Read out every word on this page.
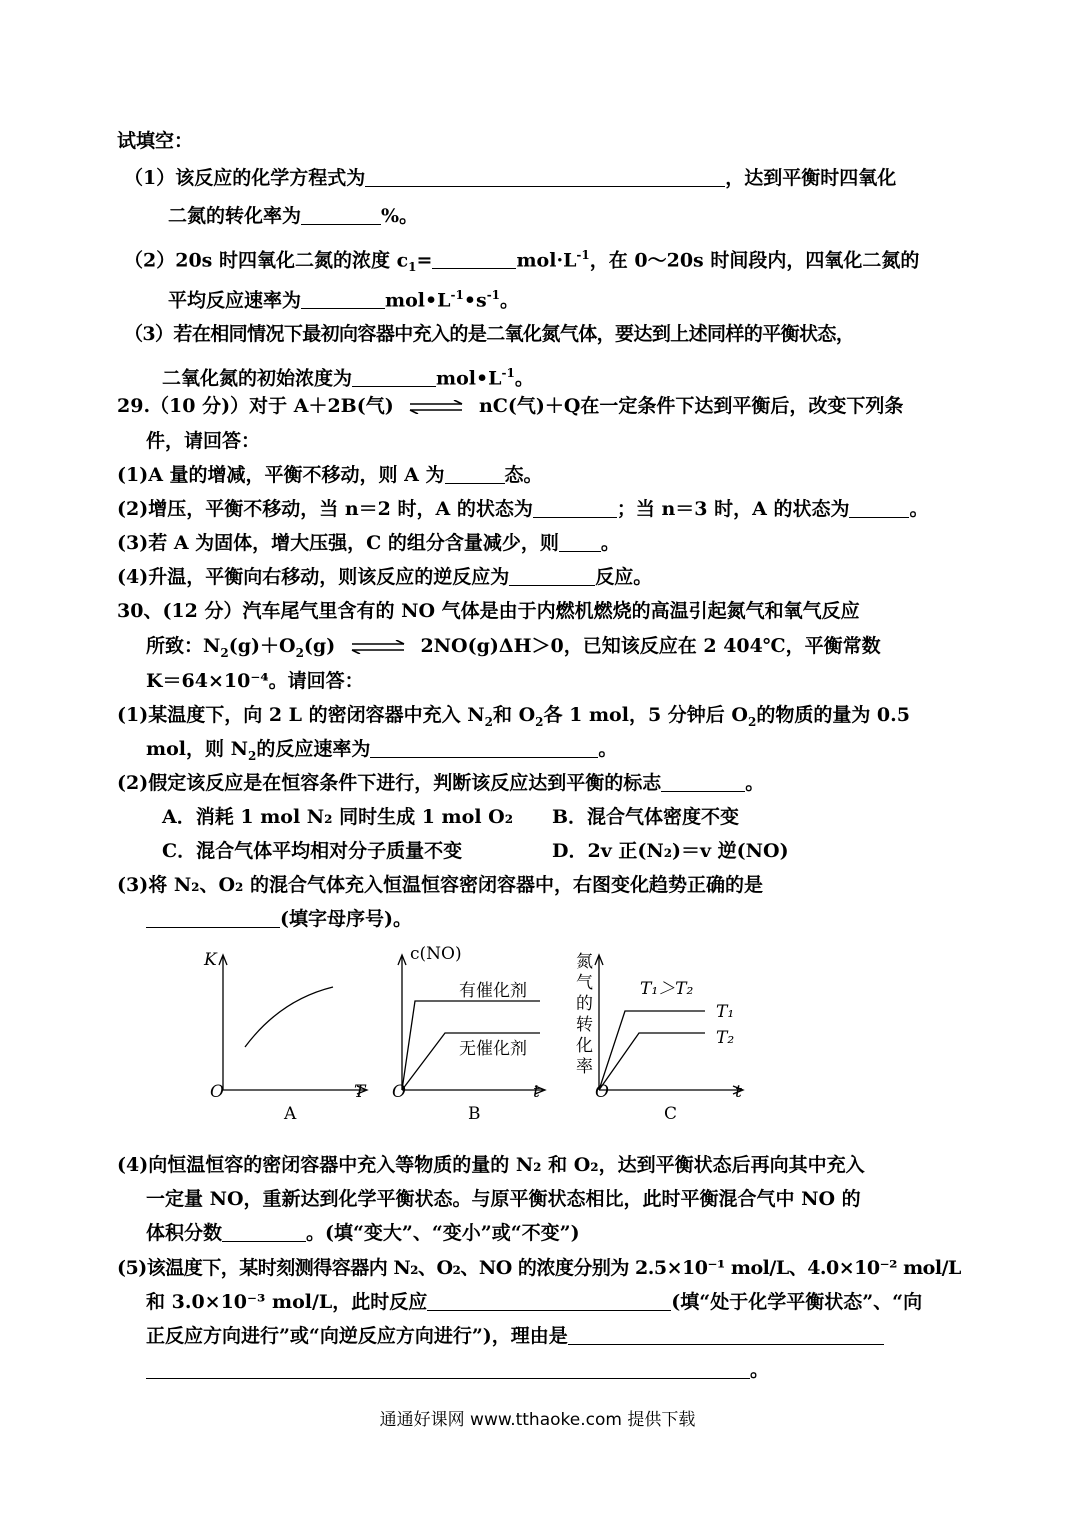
试填空：
（1）该反应的化学方程式为	，达到平衡时四氧化
二氮的转化率为	%。
（2）20s 时四氧化二氮的浓度 $c_1=$	$mol\cdot L^{-1}$，在 0～20s 时间段内，四氧化二氮的
平均反应速率为	$mol•L^{-1}•s^{-1}$。
（3）若在相同情况下最初向容器中充入的是二氧化氮气体，要达到上述同样的平衡状态，
二氧化氮的初始浓度为	$mol•L^{-1}$。
29.（10 分)）对于 A＋2B(气) ⇌ nC(气)＋Q在一定条件下达到平衡后，改变下列条
件，请回答：
(1)A 量的增减，平衡不移动，则 A 为	态。
(2)增压，平衡不移动，当 n＝2 时，A 的状态为	；当 n＝3 时，A 的状态为	。
(3)若 A 为固体，增大压强，C 的组分含量减少，则 。
(4)升温，平衡向右移动，则该反应的逆反应为	反应。
30、(12 分）汽车尾气里含有的 NO 气体是由于内燃机燃烧的高温引起氮气和氧气反应
所致：$N_2(g)+O_2(g)$ ⇌ 2NO(g)ΔH＞0，已知该反应在 2 404℃，平衡常数
K＝64×10⁻⁴。请回答：
(1)某温度下，向 2 L 的密闭容器中充入 $N_2$和 $O_2$各 1 mol，5 分钟后 $O_2$的物质的量为 0.5
mol，则 $N_2$的反应速率为	。
(2)假定该反应是在恒容条件下进行，判断该反应达到平衡的标志	。
A．消耗 1 mol N₂ 同时生成 1 mol O₂ B．混合气体密度不变
C．混合气体平均相对分子质量不变	D．2v 正(N₂)＝v 逆(NO)
(3)将 N₂、O₂ 的混合气体充入恒温恒容密闭容器中，右图变化趋势正确的是
(填字母序号)。
K
O	T
A
c(NO)
有催化剂
无催化剂
O	t
B
氮气的转化率
T₁＞T₂
T₁
T₂
O	t
C
(4)向恒温恒容的密闭容器中充入等物质的量的 N₂ 和 O₂，达到平衡状态后再向其中充入
一定量 NO，重新达到化学平衡状态。与原平衡状态相比，此时平衡混合气中 NO 的
体积分数	。(填“变大”、“变小”或“不变”)
(5)该温度下，某时刻测得容器内 N₂、O₂、NO 的浓度分别为 2.5×10⁻¹ mol/L、4.0×10⁻² mol/L
和 3.0×10⁻³ mol/L，此时反应	(填“处于化学平衡状态”、“向
正反应方向进行”或“向逆反应方向进行”)，理由是
。
通通好课网 www.tthaoke.com 提供下载
